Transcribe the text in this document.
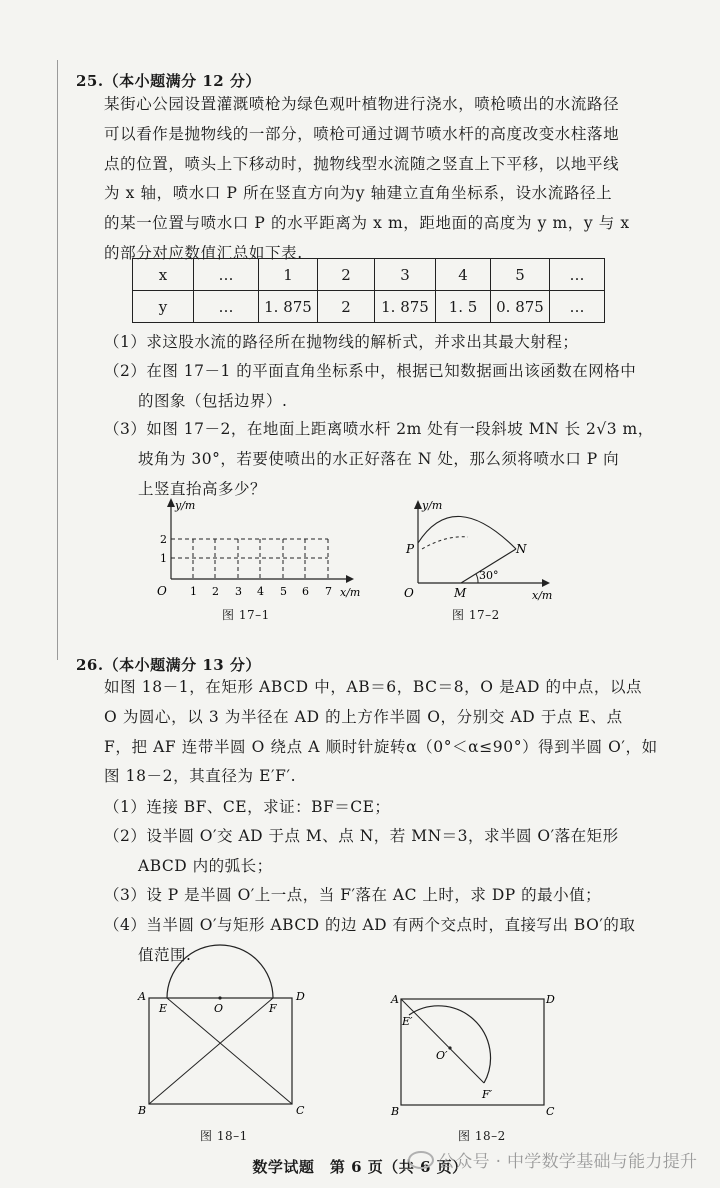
25.（本小题满分 12 分）
某街心公园设置灌溉喷枪为绿色观叶植物进行浇水，喷枪喷出的水流路径
可以看作是抛物线的一部分，喷枪可通过调节喷水杆的高度改变水柱落地
点的位置，喷头上下移动时，抛物线型水流随之竖直上下平移，以地平线
为 x 轴，喷水口 P 所在竖直方向为y 轴建立直角坐标系，设水流路径上
的某一位置与喷水口 P 的水平距离为 x m，距地面的高度为 y m，y 与 x
的部分对应数值汇总如下表.
x	…	1	2	3	4	5	…
y	…	1. 875	2	1. 875	1. 5	0. 875	…
（1）求这股水流的路径所在抛物线的解析式，并求出其最大射程；
（2）在图 17－1 的平面直角坐标系中，根据已知数据画出该函数在网格中
的图象（包括边界）.
（3）如图 17－2，在地面上距离喷水杆 2m 处有一段斜坡 MN 长 2√3 m，
坡角为 30°，若要使喷出的水正好落在 N 处，那么须将喷水口 P 向
上竖直抬高多少？
y/m
x/m
O
2
1
1 2 3 4 5 6 7
图 17–1
y/m
x/m
O
P
M
N
30°
图 17–2
26.（本小题满分 13 分）
如图 18－1，在矩形 ABCD 中，AB＝6，BC＝8，O 是AD 的中点，以点
O 为圆心，以 3 为半径在 AD 的上方作半圆 O，分别交 AD 于点 E、点
F，把 AF 连带半圆 O 绕点 A 顺时针旋转α（0°＜α≤90°）得到半圆 O′，如
图 18－2，其直径为 E′F′.
（1）连接 BF、CE，求证：BF＝CE；
（2）设半圆 O′交 AD 于点 M、点 N，若 MN＝3，求半圆 O′落在矩形
ABCD 内的弧长；
（3）设 P 是半圆 O′上一点，当 F′落在 AC 上时，求 DP 的最小值；
（4）当半圆 O′与矩形 ABCD 的边 AD 有两个交点时，直接写出 BO′的取
值范围.
A	D
B	C
E	F
O
图 18–1
A	D
B	C
E′
F′
O′
图 18–2
数学试题　第 6 页（共 6 页）
公众号 · 中学数学基础与能力提升
